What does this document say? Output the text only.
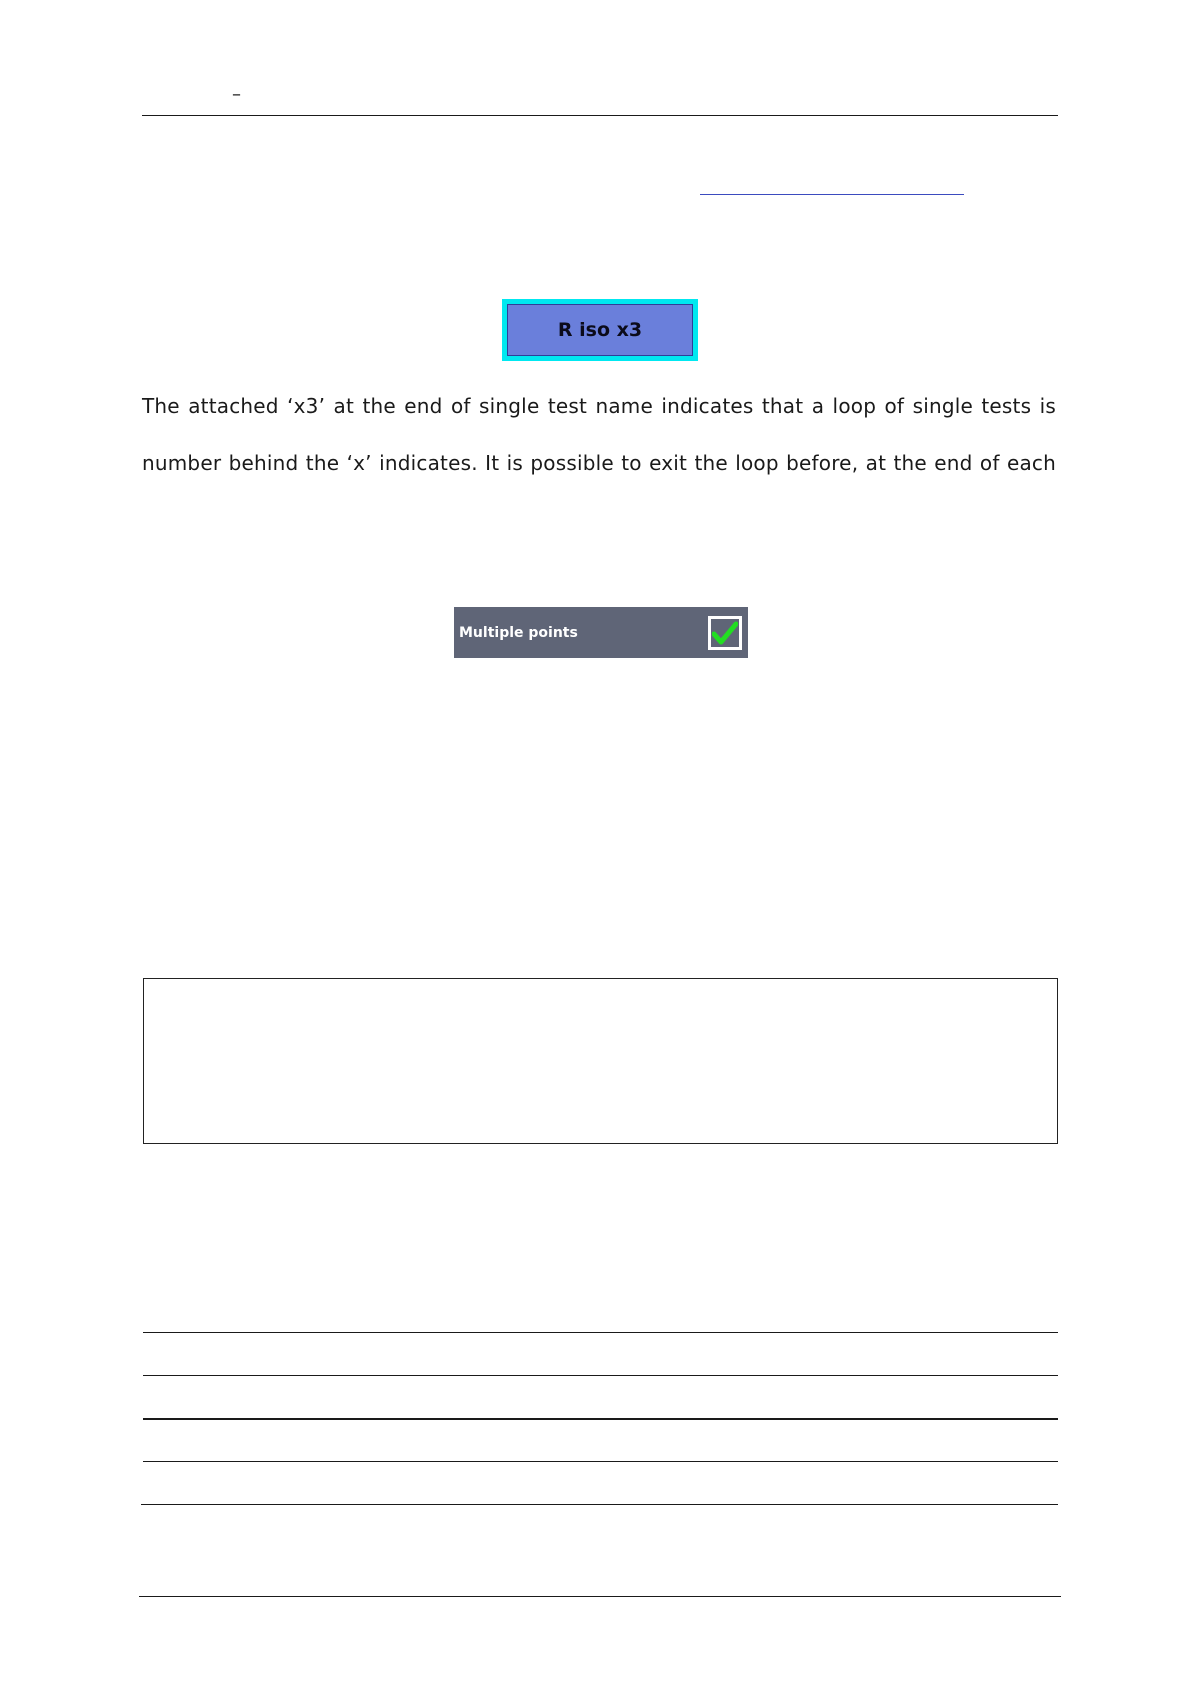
–
R iso x3
The attached ‘x3’ at the end of single test name indicates that a loop of single tests is
number behind the ‘x’ indicates. It is possible to exit the loop before, at the end of each
Multiple points
